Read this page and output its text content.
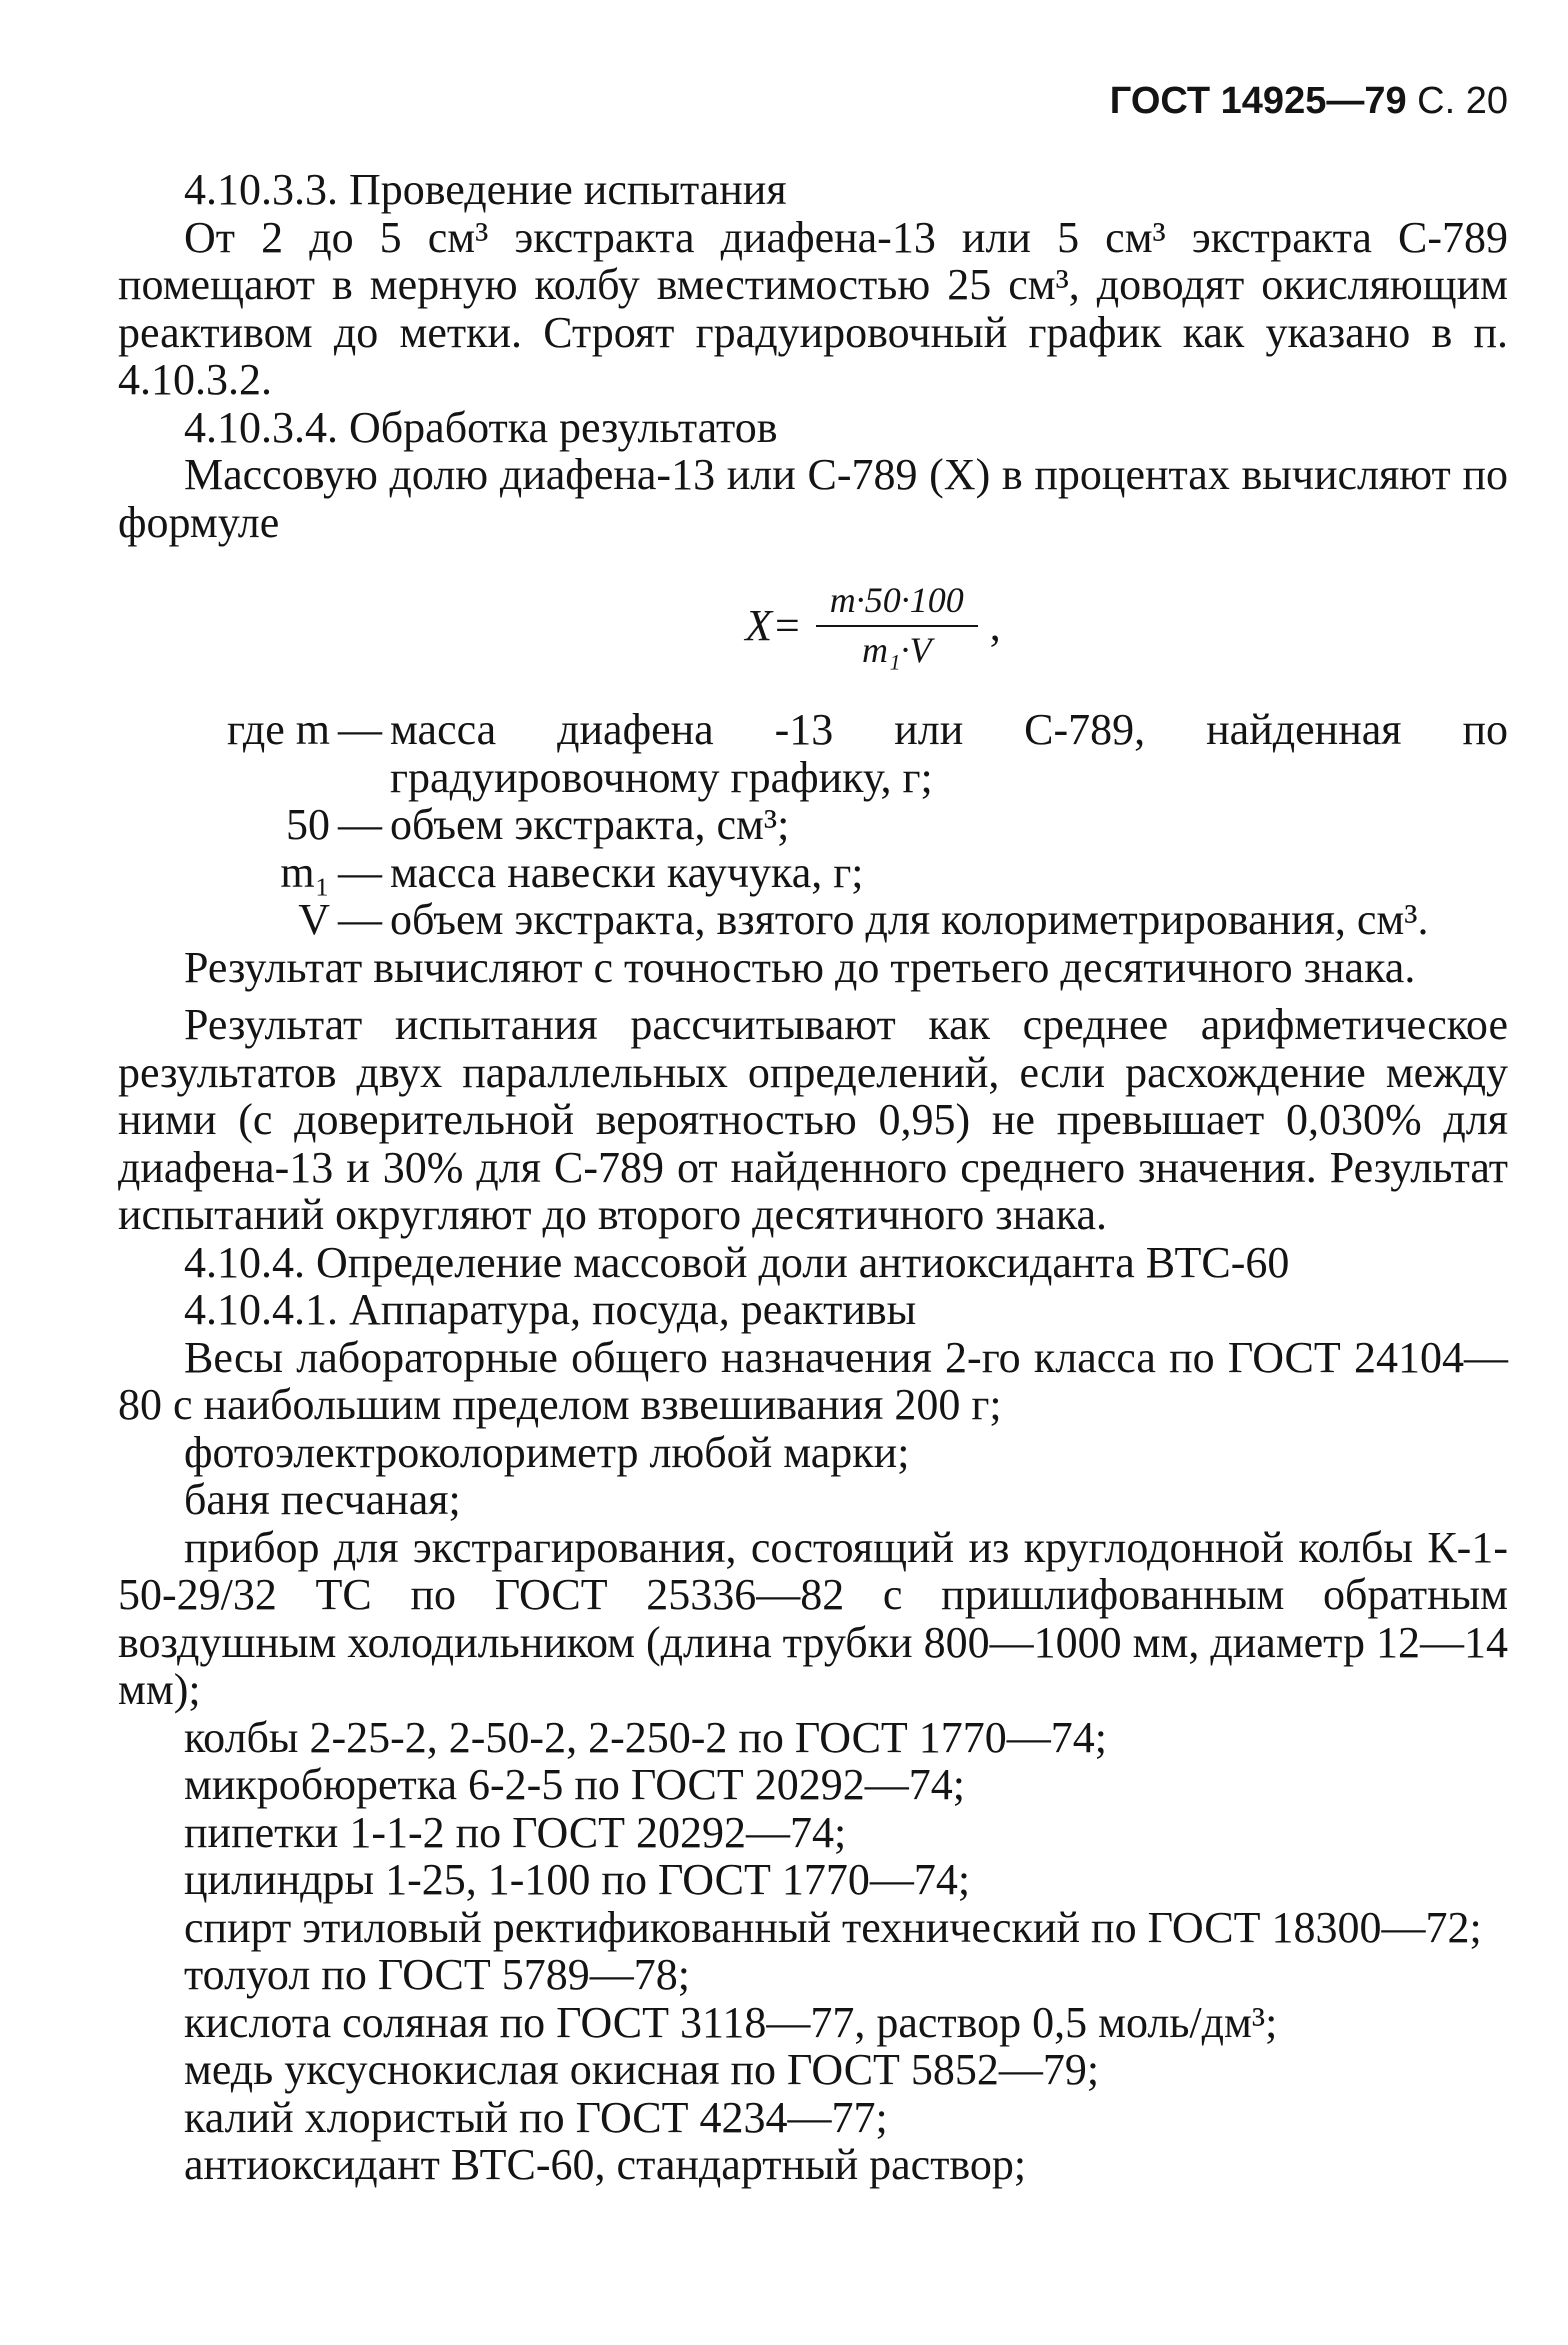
ГОСТ 14925—79 С. 20

4.10.3.3. Проведение испытания

От 2 до 5 см³ экстракта диафена-13 или 5 см³ экстракта С-789 помещают в мерную колбу вместимостью 25 см³, доводят окисляющим реактивом до метки. Строят градуировочный график как указано в п. 4.10.3.2.

4.10.3.4. Обработка результатов

Массовую долю диафена-13 или С-789 (X) в процентах вычисляют по формуле

$X= \frac{m\cdot 50\cdot 100}{\text{m₁·V}}$ ,
где m — масса диафена -13 или С-789, найденная по градуировочному графику, г;
50 — объем экстракта, см³;
m₁ — масса навески каучука, г;
V — объем экстракта, взятого для колориметрирования, см³.

Результат вычисляют с точностью до третьего десятичного знака.

Результат испытания рассчитывают как среднее арифметическое результатов двух параллельных определений, если расхождение между ними (с доверительной вероятностью 0,95) не превышает 0,030% для диафена-13 и 30% для С-789 от найденного среднего значения. Результат испытаний округляют до второго десятичного знака.

4.10.4. Определение массовой доли антиоксиданта ВТС-60

4.10.4.1. Аппаратура, посуда, реактивы

Весы лабораторные общего назначения 2-го класса по ГОСТ 24104—80 с наибольшим пределом взвешивания 200 г;

фотоэлектроколориметр любой марки;

баня песчаная;

прибор для экстрагирования, состоящий из круглодонной колбы К-1-50-29/32 ТС по ГОСТ 25336—82 с пришлифованным обратным воздушным холодильником (длина трубки 800—1000 мм, диаметр 12—14 мм);

колбы 2-25-2, 2-50-2, 2-250-2 по ГОСТ 1770—74;

микробюретка 6-2-5 по ГОСТ 20292—74;

пипетки 1-1-2 по ГОСТ 20292—74;

цилиндры 1-25, 1-100 по ГОСТ 1770—74;

спирт этиловый ректификованный технический по ГОСТ 18300—72;

толуол по ГОСТ 5789—78;

кислота соляная по ГОСТ 3118—77, раствор 0,5 моль/дм³;

медь уксуснокислая окисная по ГОСТ 5852—79;

калий хлористый по ГОСТ 4234—77;

антиоксидант ВТС-60, стандартный раствор;
